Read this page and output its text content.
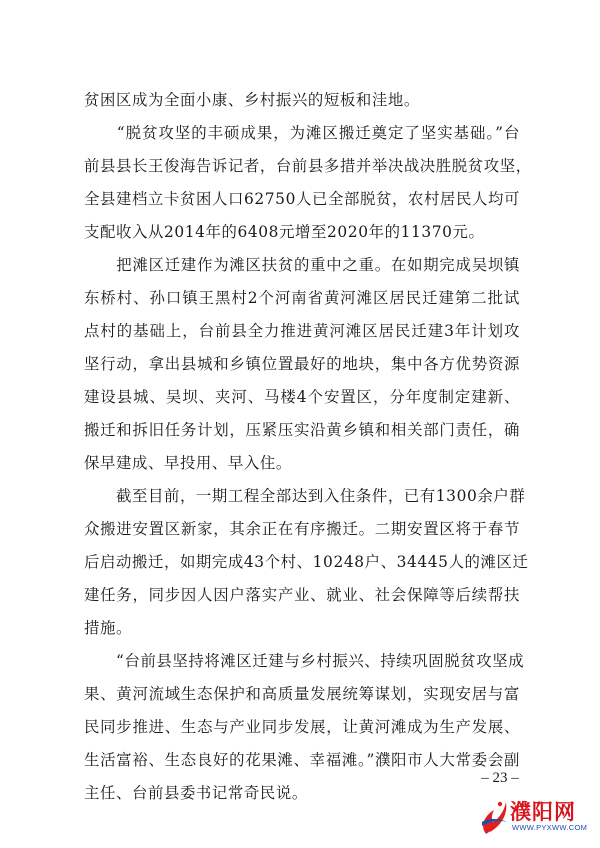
贫困区成为全面小康、乡村振兴的短板和洼地。
　　“脱贫攻坚的丰硕成果，为滩区搬迁奠定了坚实基础。”台
前县县长王俊海告诉记者，台前县多措并举决战决胜脱贫攻坚，
全县建档立卡贫困人口62750人已全部脱贫，农村居民人均可
支配收入从2014年的6408元增至2020年的11370元。
　　把滩区迁建作为滩区扶贫的重中之重。在如期完成吴坝镇
东桥村、孙口镇王黑村2个河南省黄河滩区居民迁建第二批试
点村的基础上，台前县全力推进黄河滩区居民迁建3年计划攻
坚行动，拿出县城和乡镇位置最好的地块，集中各方优势资源
建设县城、吴坝、夹河、马楼4个安置区，分年度制定建新、
搬迁和拆旧任务计划，压紧压实沿黄乡镇和相关部门责任，确
保早建成、早投用、早入住。
　　截至目前，一期工程全部达到入住条件，已有1300余户群
众搬进安置区新家，其余正在有序搬迁。二期安置区将于春节
后启动搬迁，如期完成43个村、10248户、34445人的滩区迁
建任务，同步因人因户落实产业、就业、社会保障等后续帮扶
措施。
　　“台前县坚持将滩区迁建与乡村振兴、持续巩固脱贫攻坚成
果、黄河流域生态保护和高质量发展统筹谋划，实现安居与富
民同步推进、生态与产业同步发展，让黄河滩成为生产发展、
生活富裕、生态良好的花果滩、幸福滩。”濮阳市人大常委会副
主任、台前县委书记常奇民说。
– 23 –
濮阳网
WWW.PYXWW.COM
